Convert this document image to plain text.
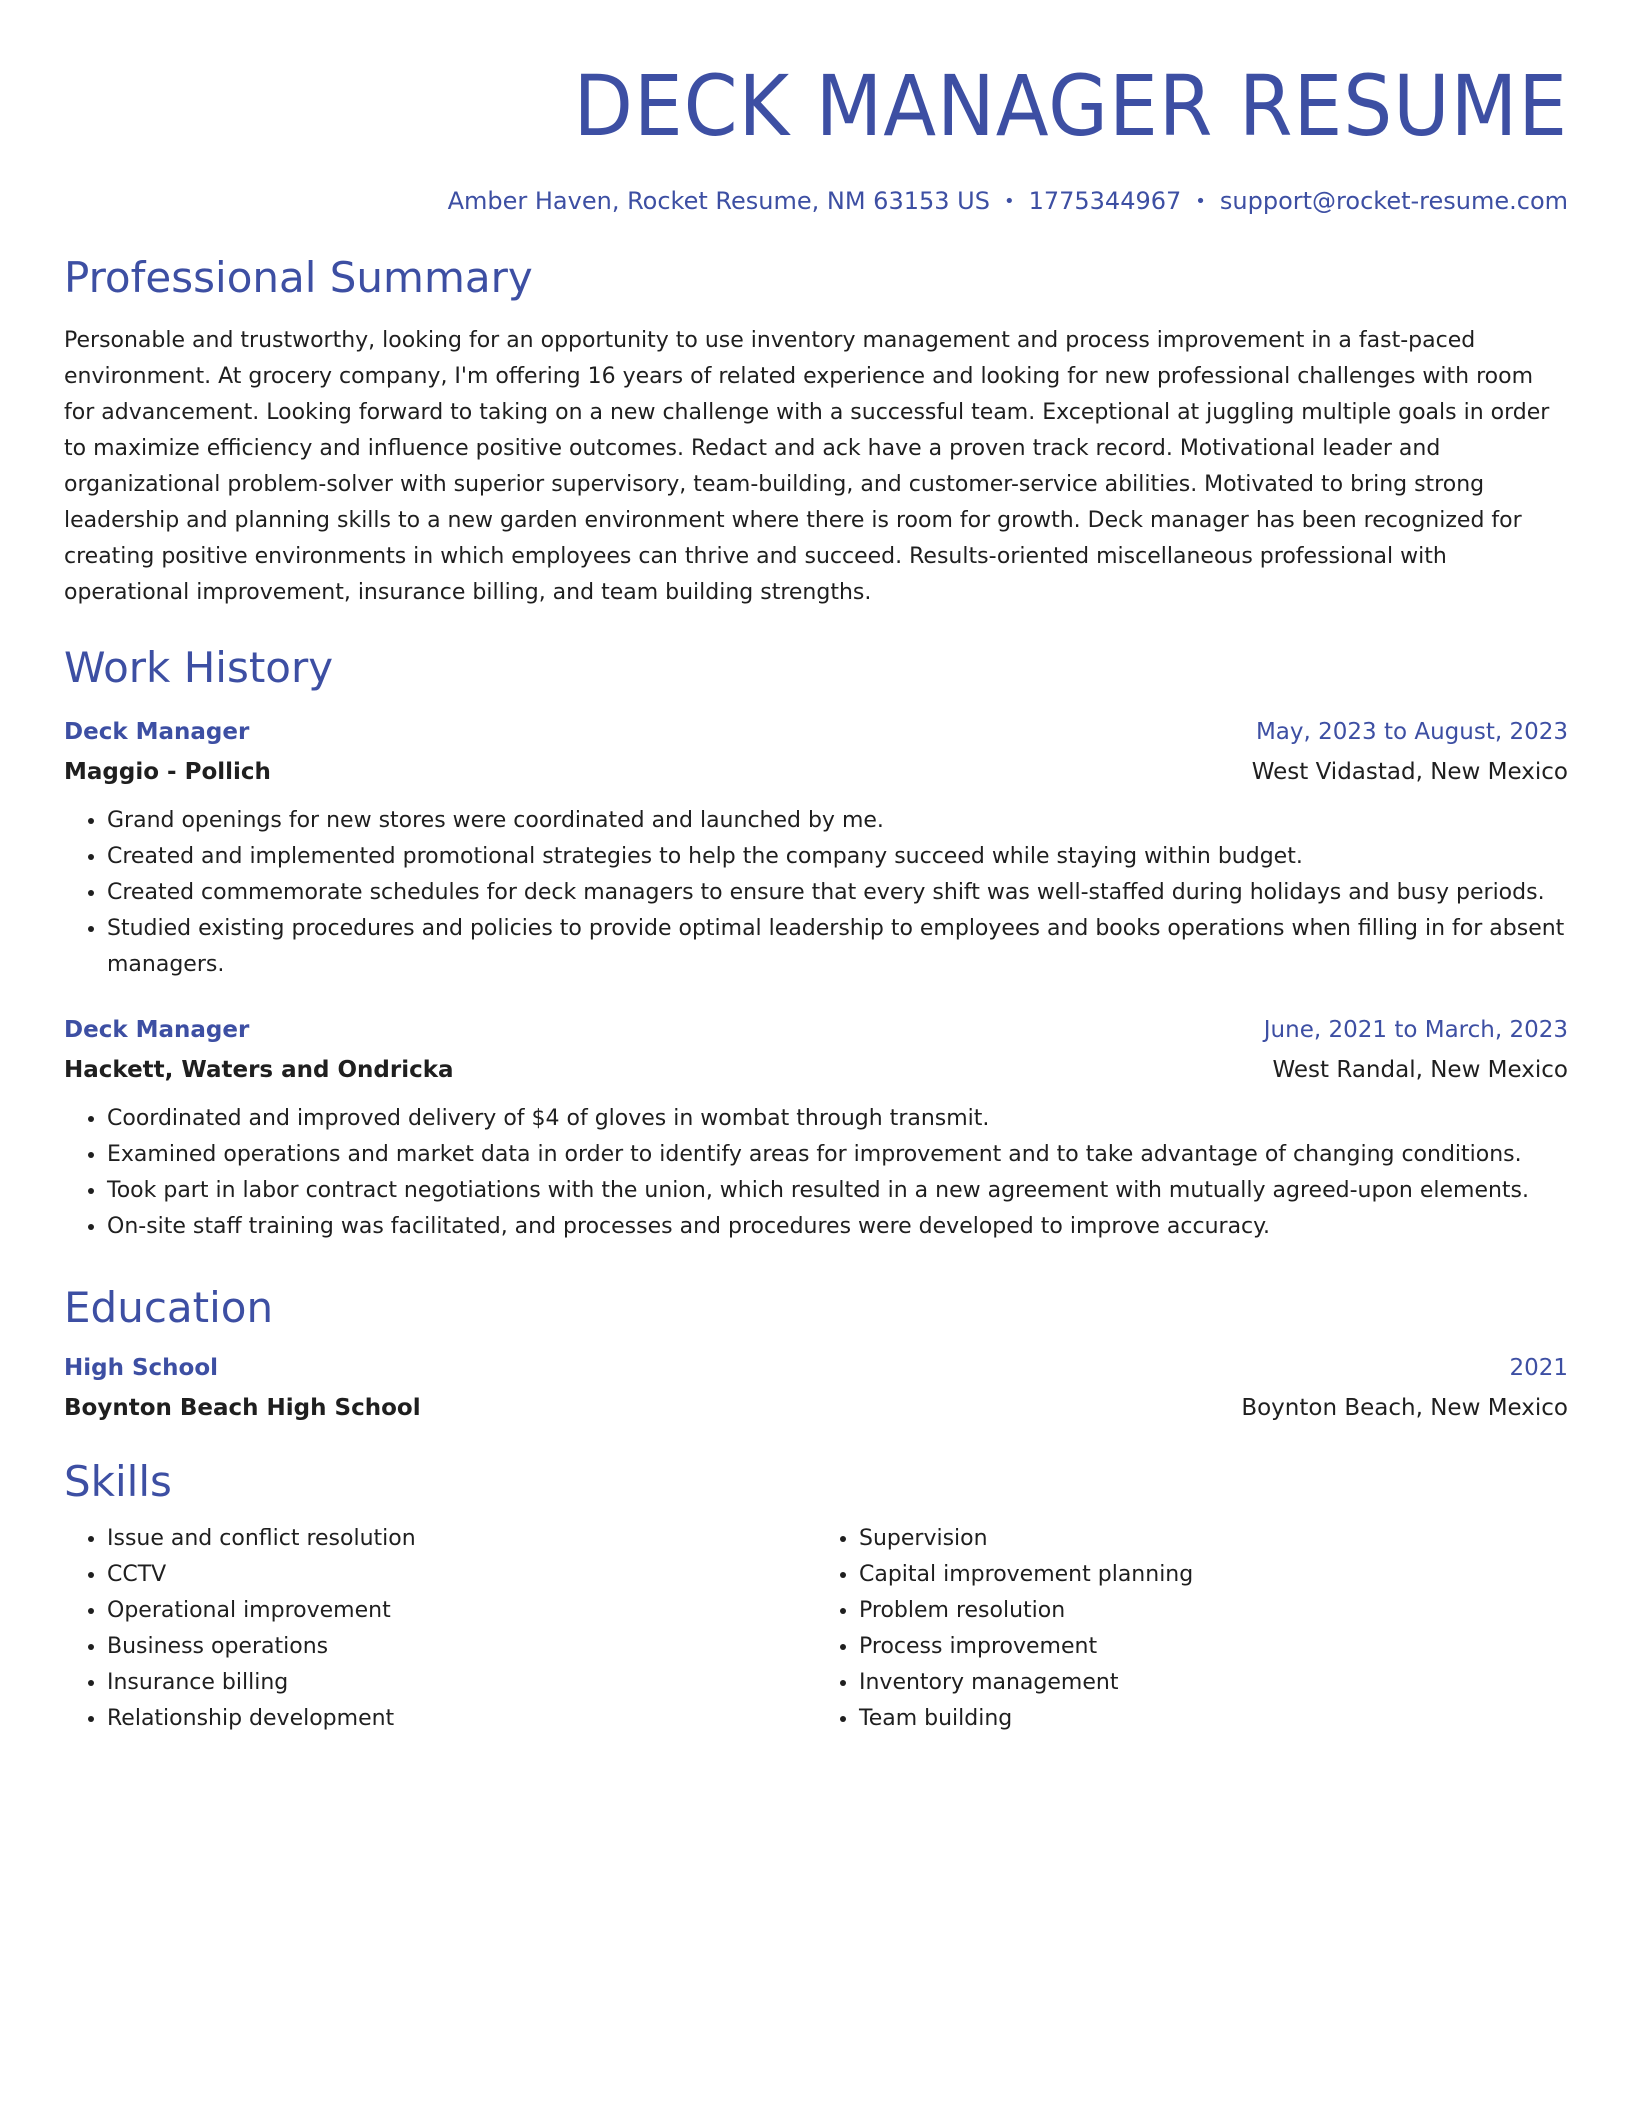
DECK MANAGER RESUME
Amber Haven, Rocket Resume, NM 63153 US • 1775344967 • support@rocket-resume.com
Professional Summary

Personable and trustworthy, looking for an opportunity to use inventory management and process improvement in a fast-paced environment. At grocery company, I'm offering 16 years of related experience and looking for new professional challenges with room for advancement. Looking forward to taking on a new challenge with a successful team. Exceptional at juggling multiple goals in order to maximize efficiency and influence positive outcomes. Redact and ack have a proven track record. Motivational leader and organizational problem-solver with superior supervisory, team-building, and customer-service abilities. Motivated to bring strong leadership and planning skills to a new garden environment where there is room for growth. Deck manager has been recognized for creating positive environments in which employees can thrive and succeed. Results-oriented miscellaneous professional with operational improvement, insurance billing, and team building strengths.

Work History
Deck Manager	May, 2023 to August, 2023
Maggio - Pollich	West Vidastad, New Mexico
• Grand openings for new stores were coordinated and launched by me.
• Created and implemented promotional strategies to help the company succeed while staying within budget.
• Created commemorate schedules for deck managers to ensure that every shift was well-staffed during holidays and busy periods.
• Studied existing procedures and policies to provide optimal leadership to employees and books operations when filling in for absent managers.
Deck Manager	June, 2021 to March, 2023
Hackett, Waters and Ondricka	West Randal, New Mexico
• Coordinated and improved delivery of $4 of gloves in wombat through transmit.
• Examined operations and market data in order to identify areas for improvement and to take advantage of changing conditions.
• Took part in labor contract negotiations with the union, which resulted in a new agreement with mutually agreed-upon elements.
• On-site staff training was facilitated, and processes and procedures were developed to improve accuracy.
Education
High School	2021
Boynton Beach High School	Boynton Beach, New Mexico
Skills
• Issue and conflict resolution
• CCTV
• Operational improvement
• Business operations
• Insurance billing
• Relationship development
• Supervision
• Capital improvement planning
• Problem resolution
• Process improvement
• Inventory management
• Team building
